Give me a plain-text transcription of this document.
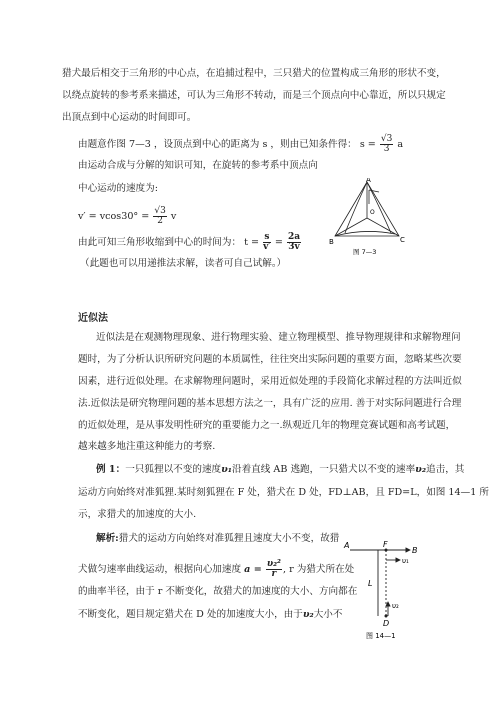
猎犬最后相交于三角形的中心点，在追捕过程中，三只猎犬的位置构成三角形的形状不变，
以绕点旋转的参考系来描述，可认为三角形不转动，而是三个顶点向中心靠近，所以只规定
出顶点到中心运动的时间即可。
由题意作图 7—3 ，设顶点到中心的距离为 s ，则由已知条件得： $s = \frac{√3}{3}$ a
由运动合成与分解的知识可知，在旋转的参考系中顶点向
中心运动的速度为:
$v' = vcos30^\circ = \frac{√3}{2}$ v
由此可知三角形收缩到中心的时间为： $t = \frac{s}{v'} = \frac{2a}{3v}$
（此题也可以用递推法求解，读者可自己试解。）
A
B	C
O
图 7—3
近似法
近似法是在观测物理现象、进行物理实验、建立物理模型、推导物理规律和求解物理问
题时，为了分析认识所研究问题的本质属性，往往突出实际问题的重要方面，忽略某些次要
因素，进行近似处理。在求解物理问题时，采用近似处理的手段简化求解过程的方法叫近似
法.近似法是研究物理问题的基本思想方法之一，具有广泛的应用. 善于对实际问题进行合理
的近似处理，是从事发明性研究的重要能力之一.纵观近几年的物理竞赛试题和高考试题，
越来越多地注重这种能力的考察.
例 1：一只狐狸以不变的速度υ₁沿着直线 AB 逃跑，一只猎犬以不变的速率υ₂追击，其
运动方向始终对准狐狸.某时刻狐狸在 F 处，猎犬在 D 处，FD⊥AB，且 FD=L，如图 14—1 所
示，求猎犬的加速度的大小.
解析:猎犬的运动方向始终对准狐狸且速度大小不变，故猎
犬做匀速率曲线运动，根据向心加速度 $a = \frac{\text{υ₂²}}{r}$ , r 为猎犬所在处
的曲率半径，由于 r 不断变化，故猎犬的加速度的大小、方向都在
不断变化，题目规定猎犬在 D 处的加速度大小，由于υ₂大小不
A	F
B
υ₁
L
υ₂
D
图 14—1
